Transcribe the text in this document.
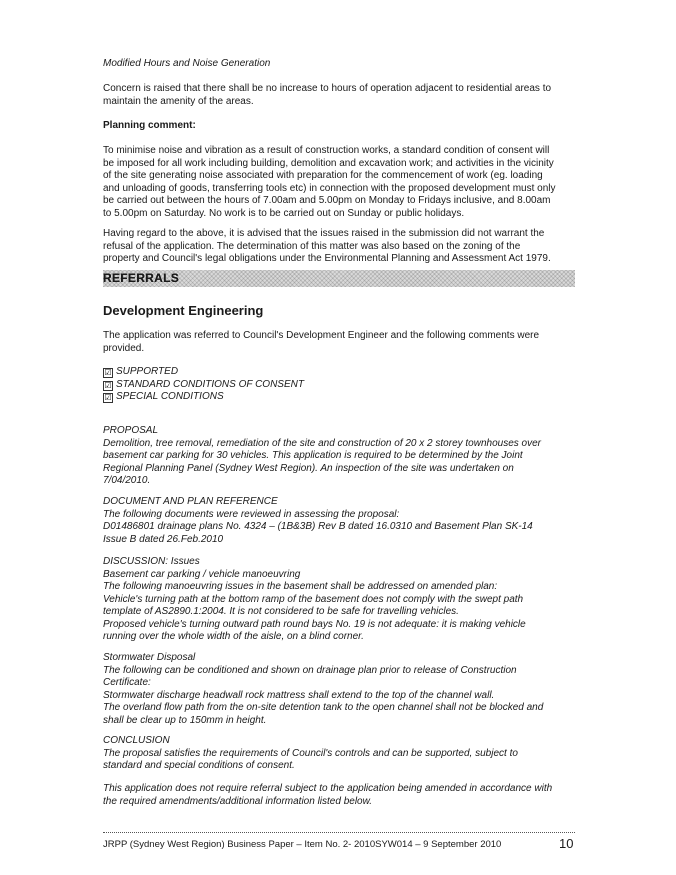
Modified Hours and Noise Generation
Concern is raised that there shall be no increase to hours of operation adjacent to residential areas to
maintain the amenity of the areas.
Planning comment:
To minimise noise and vibration as a result of construction works, a standard condition of consent will
be imposed for all work including building, demolition and excavation work; and activities in the vicinity
of the site generating noise associated with preparation for the commencement of work (eg. loading
and unloading of goods, transferring tools etc) in connection with the proposed development must only
be carried out between the hours of 7.00am and 5.00pm on Monday to Fridays inclusive, and 8.00am
to 5.00pm on Saturday. No work is to be carried out on Sunday or public holidays.
Having regard to the above, it is advised that the issues raised in the submission did not warrant the
refusal of the application. The determination of this matter was also based on the zoning of the
property and Council's legal obligations under the Environmental Planning and Assessment Act 1979.
REFERRALS
Development Engineering
The application was referred to Council's Development Engineer and the following comments were
provided.
☑ SUPPORTED
☑ STANDARD CONDITIONS OF CONSENT
☑ SPECIAL CONDITIONS
PROPOSAL
Demolition, tree removal, remediation of the site and construction of 20 x 2 storey townhouses over
basement car parking for 30 vehicles. This application is required to be determined by the Joint
Regional Planning Panel (Sydney West Region). An inspection of the site was undertaken on
7/04/2010.
DOCUMENT AND PLAN REFERENCE
The following documents were reviewed in assessing the proposal:
D01486801 drainage plans No. 4324 – (1B&3B) Rev B dated 16.0310 and Basement Plan SK-14
Issue B dated 26.Feb.2010
DISCUSSION: Issues
Basement car parking / vehicle manoeuvring
The following manoeuvring issues in the basement shall be addressed on amended plan:
Vehicle's turning path at the bottom ramp of the basement does not comply with the swept path
template of AS2890.1:2004. It is not considered to be safe for travelling vehicles.
Proposed vehicle's turning outward path round bays No. 19 is not adequate: it is making vehicle
running over the whole width of the aisle, on a blind corner.
Stormwater Disposal
The following can be conditioned and shown on drainage plan prior to release of Construction
Certificate:
Stormwater discharge headwall rock mattress shall extend to the top of the channel wall.
The overland flow path from the on-site detention tank to the open channel shall not be blocked and
shall be clear up to 150mm in height.
CONCLUSION
The proposal satisfies the requirements of Council's controls and can be supported, subject to
standard and special conditions of consent.
This application does not require referral subject to the application being amended in accordance with
the required amendments/additional information listed below.
JRPP (Sydney West Region) Business Paper – Item No. 2- 2010SYW014 – 9 September 2010	10
